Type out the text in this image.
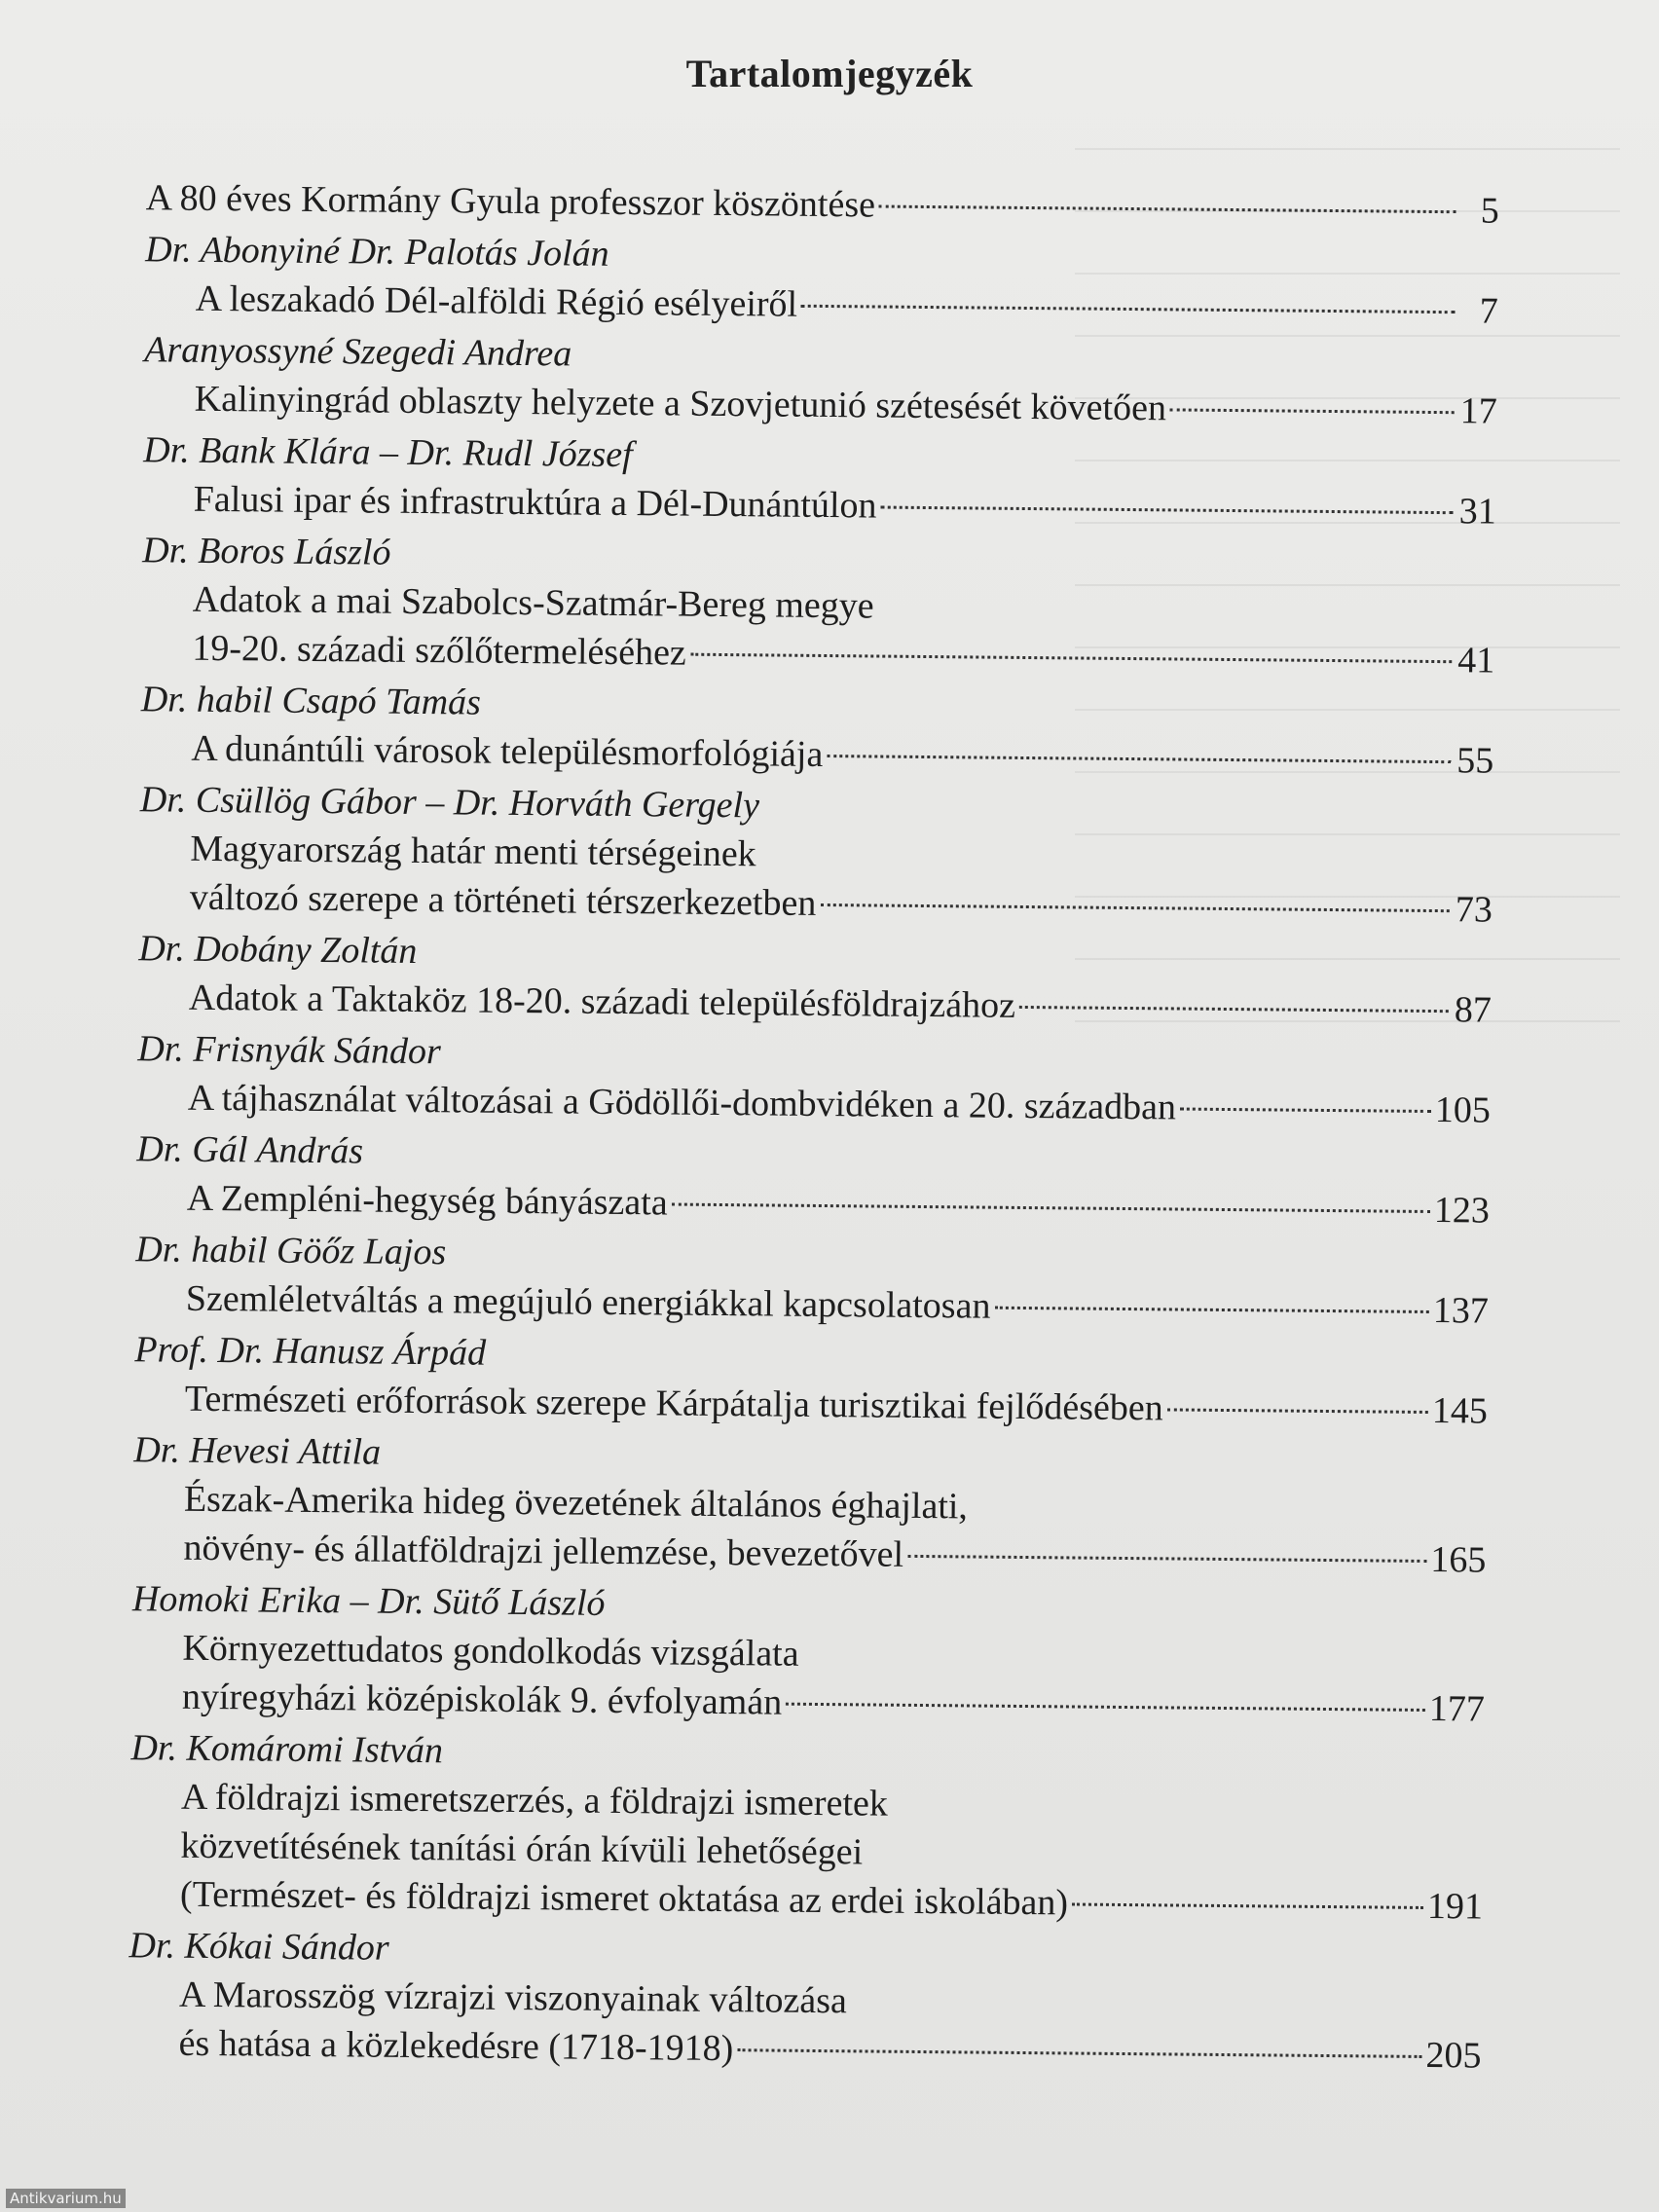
Tartalomjegyzék
A 80 éves Kormány Gyula professzor köszöntése	5
Dr. Abonyiné Dr. Palotás Jolán
A leszakadó Dél-alföldi Régió esélyeiről	7
Aranyossyné Szegedi Andrea
Kalinyingrád oblaszty helyzete a Szovjetunió szétesését követően	17
Dr. Bank Klára – Dr. Rudl József
Falusi ipar és infrastruktúra a Dél-Dunántúlon	31
Dr. Boros László
Adatok a mai Szabolcs-Szatmár-Bereg megye
19-20. századi szőlőtermeléséhez	41
Dr. habil Csapó Tamás
A dunántúli városok településmorfológiája	55
Dr. Csüllög Gábor – Dr. Horváth Gergely
Magyarország határ menti térségeinek
változó szerepe a történeti térszerkezetben	73
Dr. Dobány Zoltán
Adatok a Taktaköz 18-20. századi településföldrajzához	87
Dr. Frisnyák Sándor
A tájhasználat változásai a Gödöllői-dombvidéken a 20. században	105
Dr. Gál András
A Zempléni-hegység bányászata	123
Dr. habil Göőz Lajos
Szemléletváltás a megújuló energiákkal kapcsolatosan	137
Prof. Dr. Hanusz Árpád
Természeti erőforrások szerepe Kárpátalja turisztikai fejlődésében	145
Dr. Hevesi Attila
Észak-Amerika hideg övezetének általános éghajlati,
növény- és állatföldrajzi jellemzése, bevezetővel	165
Homoki Erika – Dr. Sütő László
Környezettudatos gondolkodás vizsgálata
nyíregyházi középiskolák 9. évfolyamán	177
Dr. Komáromi István
A földrajzi ismeretszerzés, a földrajzi ismeretek
közvetítésének tanítási órán kívüli lehetőségei
(Természet- és földrajzi ismeret oktatása az erdei iskolában)	191
Dr. Kókai Sándor
A Marosszög vízrajzi viszonyainak változása
és hatása a közlekedésre (1718-1918)	205
Antikvarium.hu
